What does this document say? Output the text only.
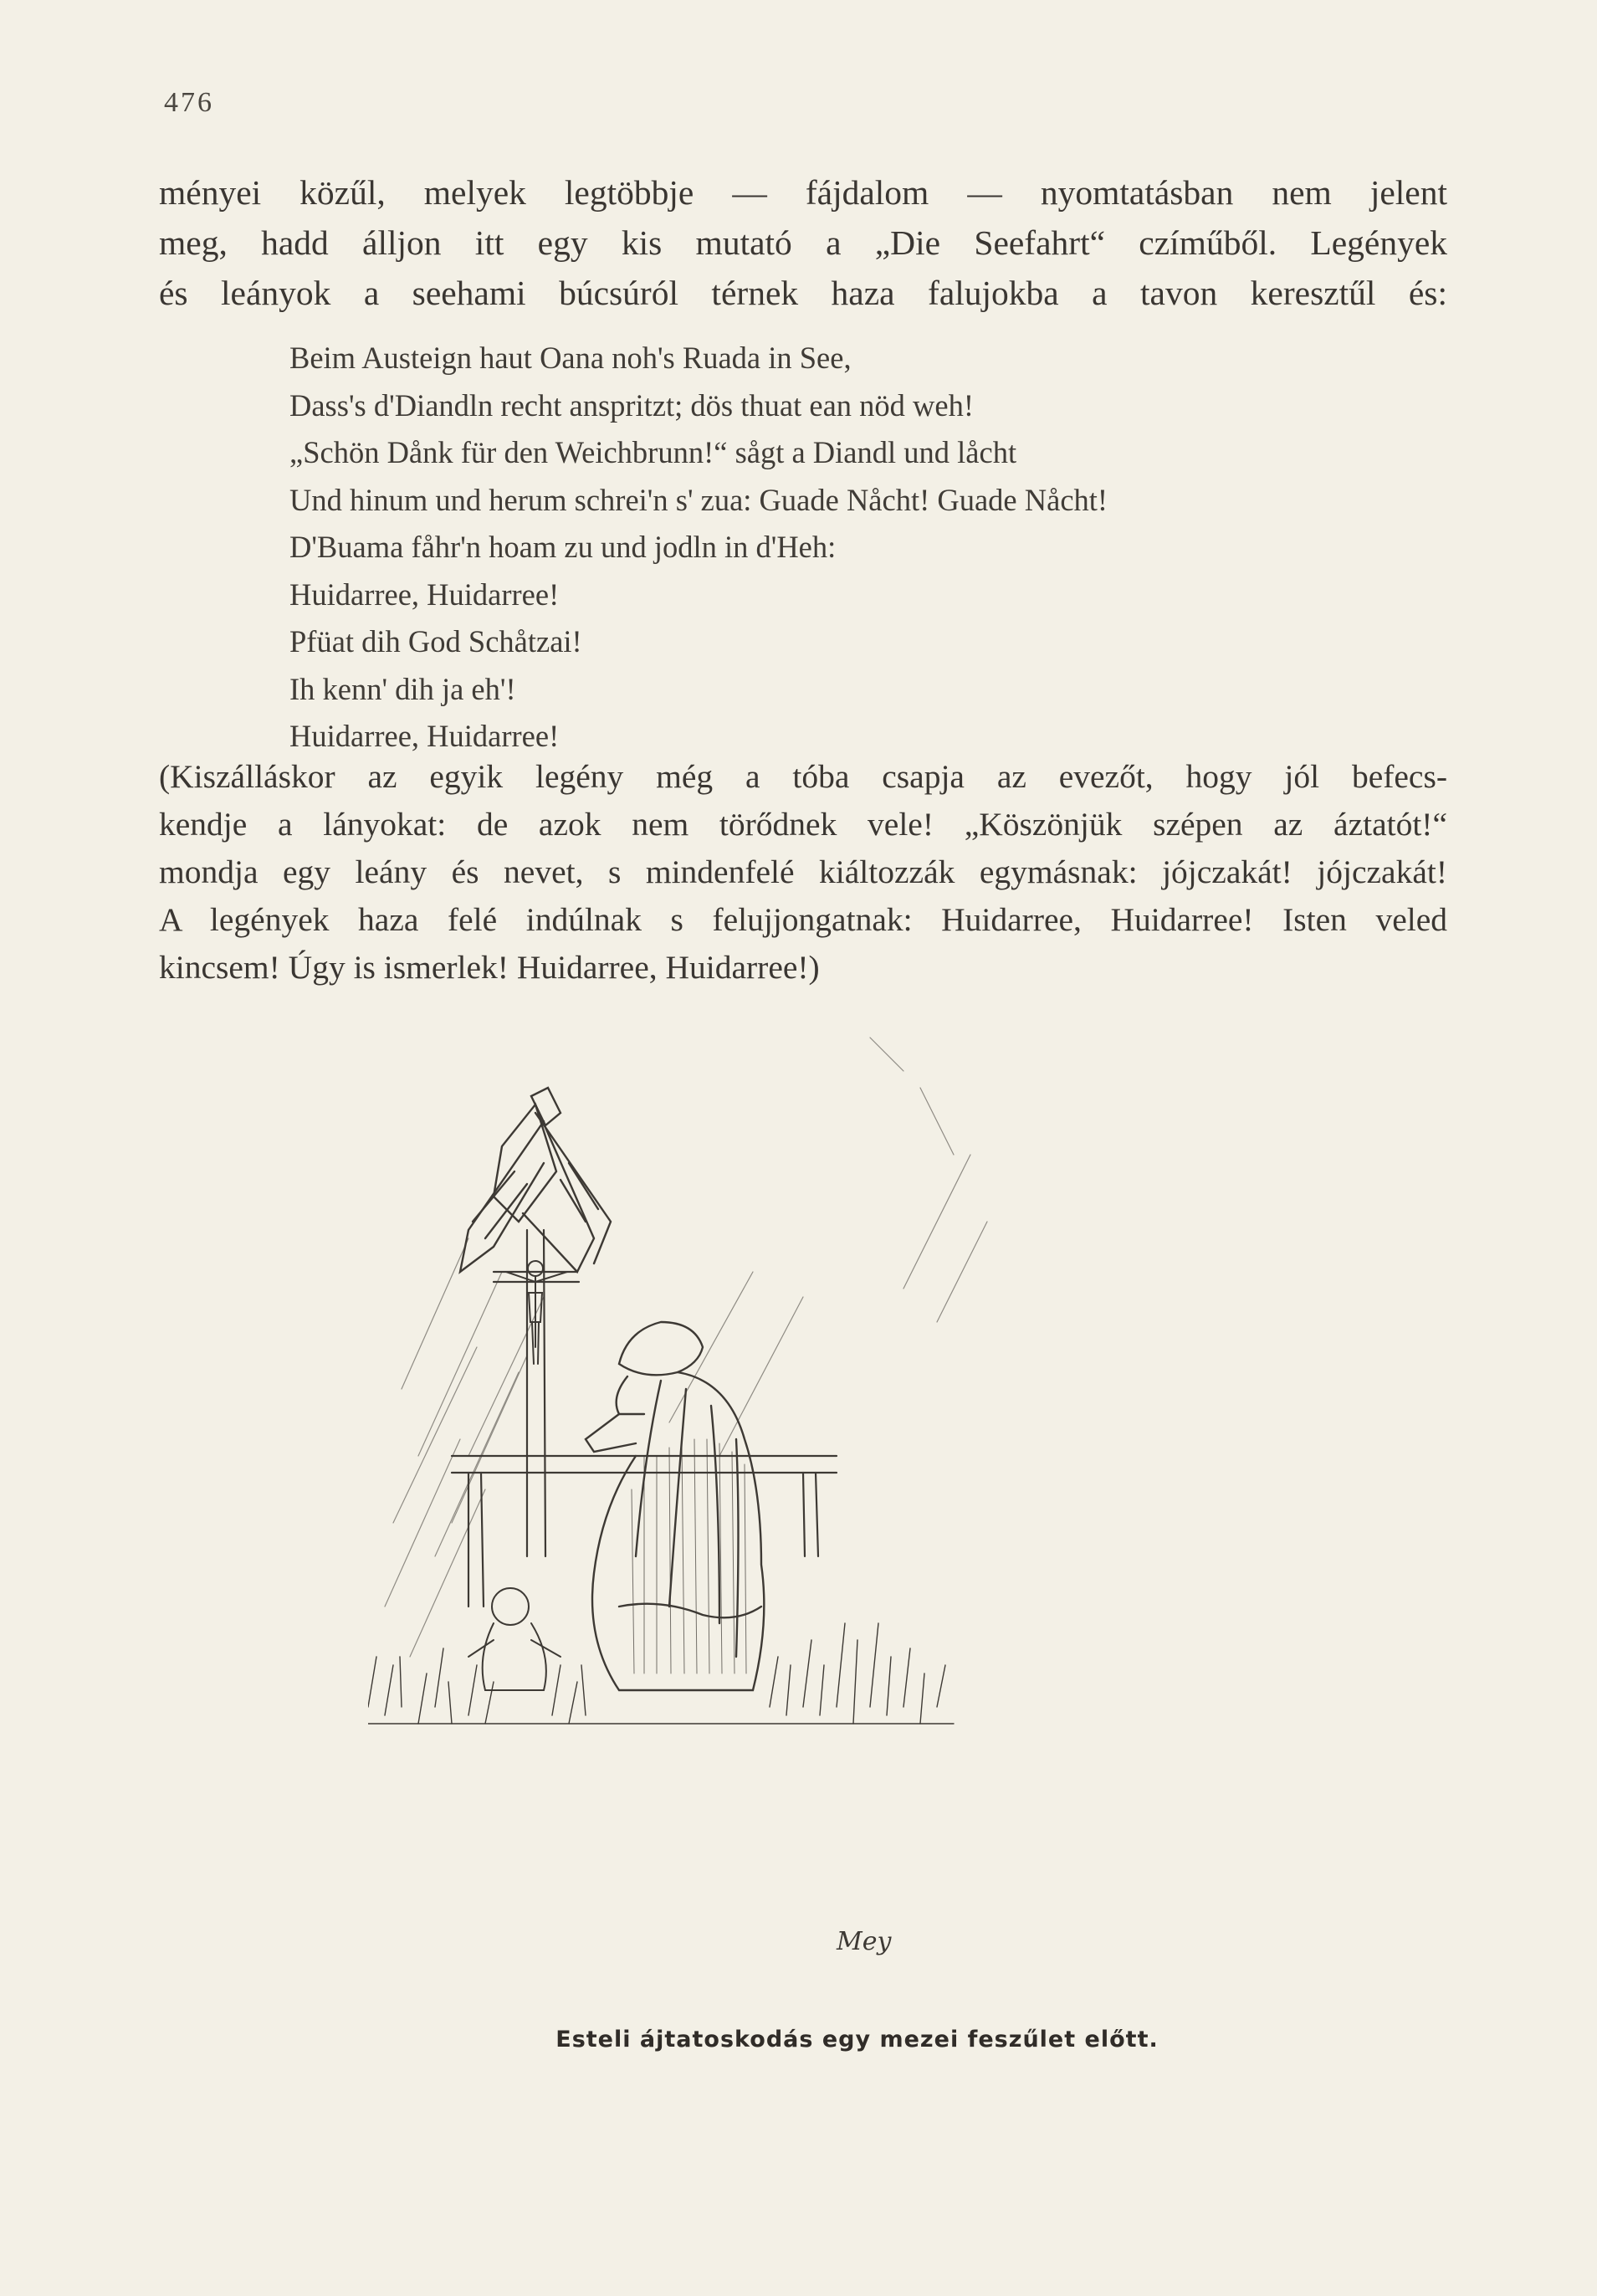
476

ményei közűl, melyek legtöbbje — fájdalom — nyomtatásban nem jelent
meg, hadd álljon itt egy kis mutató a „Die Seefahrt“ czíműből. Legények
és leányok a seehami búcsúról térnek haza falujokba a tavon keresztűl és:

Beim Austeign haut Oana noh's Ruada in See,
Dass's d'Diandln recht anspritzt; dös thuat ean nöd weh!
„Schön Dånk für den Weichbrunn!“ sågt a Diandl und låcht
Und hinum und herum schrei'n s' zua: Guade Nåcht! Guade Nåcht!
D'Buama fåhr'n hoam zu und jodln in d'Heh:
Huidarree, Huidarree!
Pfüat dih God Schåtzai!
Ih kenn' dih ja eh'!
Huidarree, Huidarree!

(Kiszálláskor az egyik legény még a tóba csapja az evezőt, hogy jól befecs-
kendje a lányokat: de azok nem törődnek vele! „Köszönjük szépen az áztatót!“
mondja egy leány és nevet, s mindenfelé kiáltozzák egymásnak: jójczakát! jójczakát!
A legények haza felé indúlnak s felujjongatnak: Huidarree, Huidarree! Isten veled
kincsem! Úgy is ismerlek! Huidarree, Huidarree!)

Mey
Esteli ájtatoskodás egy mezei feszűlet előtt.
